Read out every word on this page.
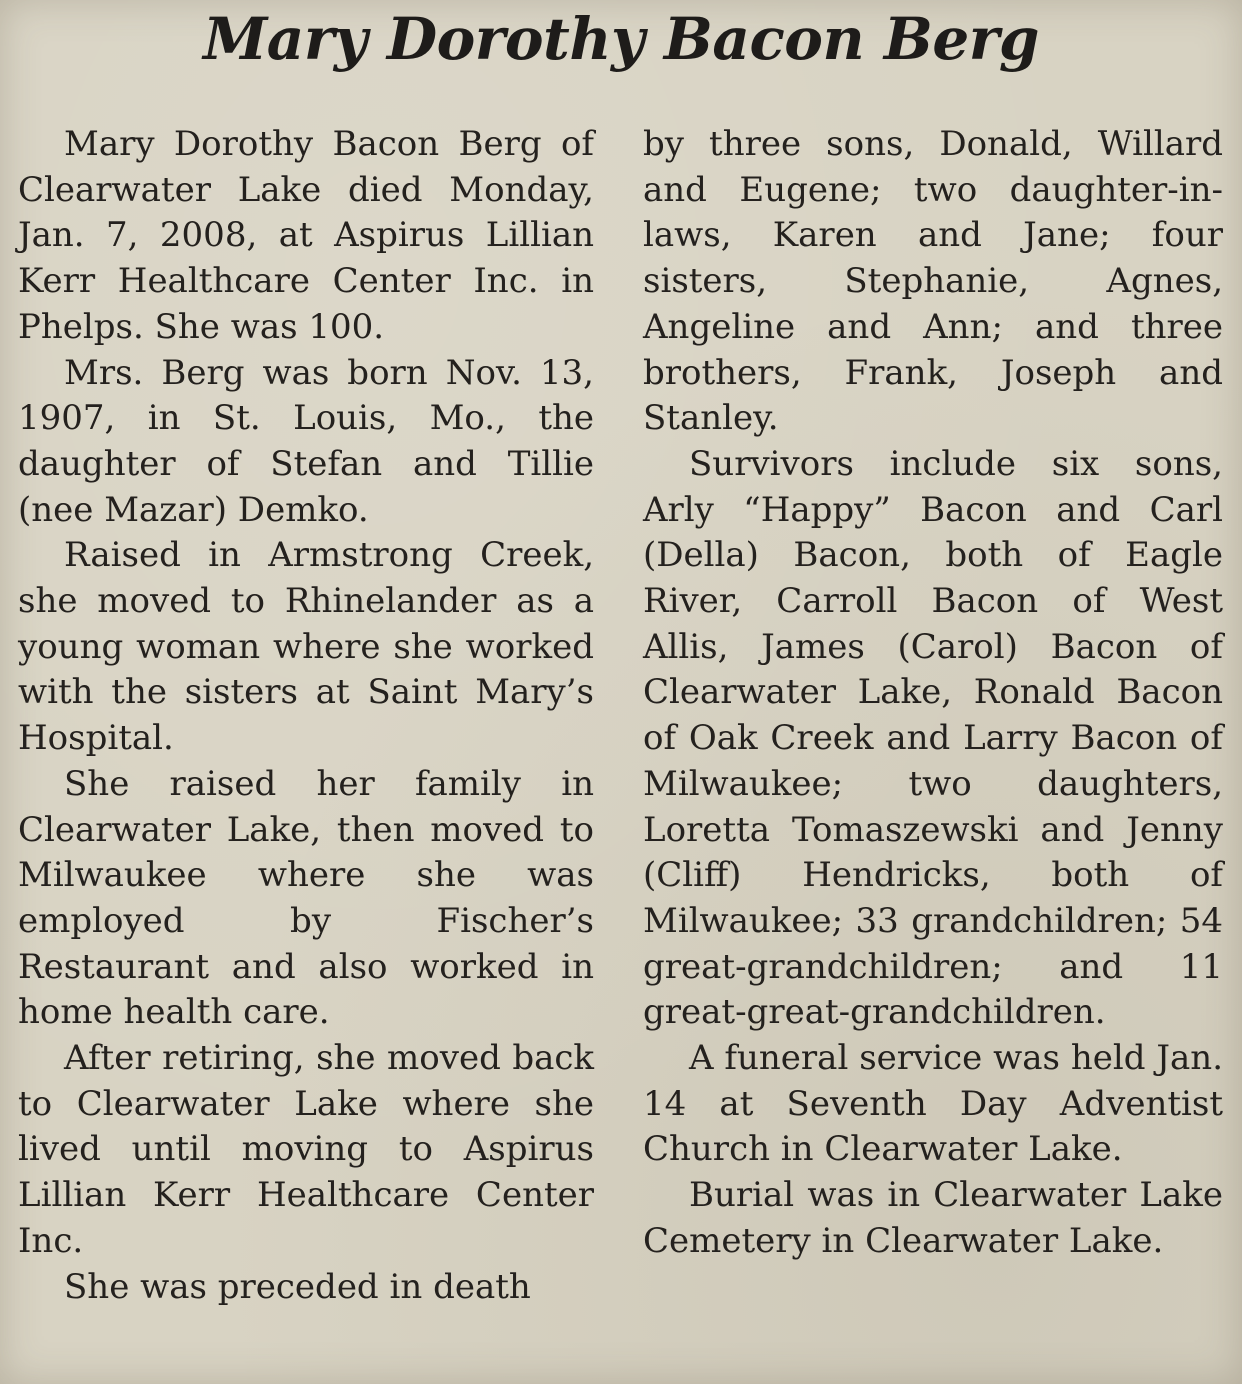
Mary Dorothy Bacon Berg

Mary Dorothy Bacon Berg of Clearwater Lake died Monday, Jan. 7, 2008, at Aspirus Lillian Kerr Healthcare Center Inc. in Phelps. She was 100.

Mrs. Berg was born Nov. 13, 1907, in St. Louis, Mo., the daughter of Stefan and Tillie (nee Mazar) Demko.

Raised in Armstrong Creek, she moved to Rhinelander as a young woman where she worked with the sisters at Saint Mary’s Hospital.

She raised her family in Clearwater Lake, then moved to Milwaukee where she was employed by Fischer’s Restaurant and also worked in home health care.

After retiring, she moved back to Clearwater Lake where she lived until moving to Aspirus Lillian Kerr Healthcare Center Inc.

She was preceded in death

by three sons, Donald, Willard and Eugene; two daughter-in-laws, Karen and Jane; four sisters, Stephanie, Agnes, Angeline and Ann; and three brothers, Frank, Joseph and Stanley.

Survivors include six sons, Arly “Happy” Bacon and Carl (Della) Bacon, both of Eagle River, Carroll Bacon of West Allis, James (Carol) Bacon of Clearwater Lake, Ronald Bacon of Oak Creek and Larry Bacon of Milwaukee; two daughters, Loretta Tomaszewski and Jenny (Cliff) Hendricks, both of Milwaukee; 33 grandchildren; 54 great-grandchildren; and 11 great-great-grandchildren.

A funeral service was held Jan. 14 at Seventh Day Adventist Church in Clearwater Lake.

Burial was in Clearwater Lake Cemetery in Clearwater Lake.
